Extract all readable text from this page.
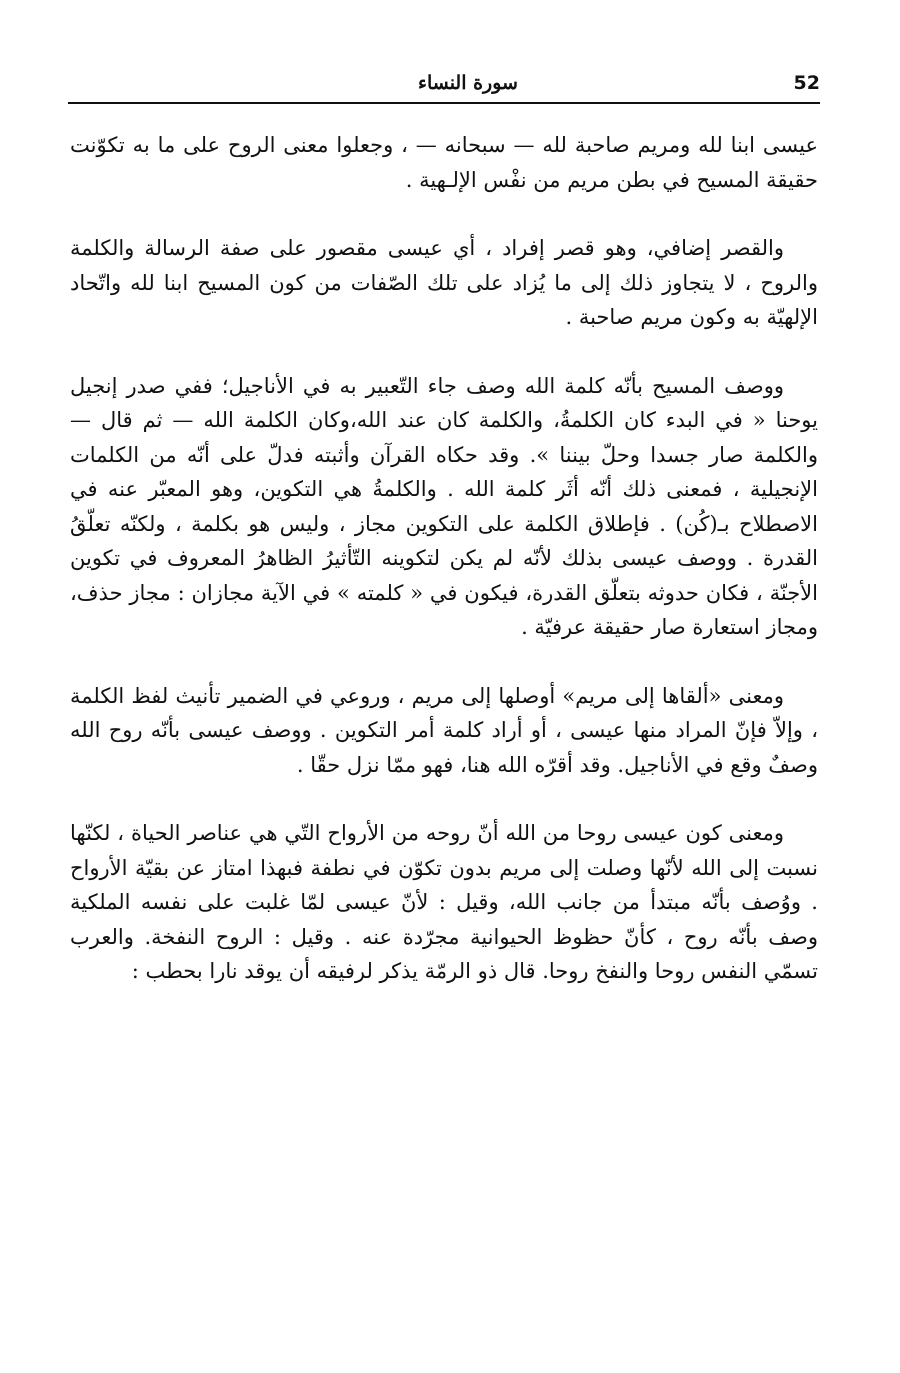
52
سورة النساء

عيسى ابنا لله ومريم صاحبة لله — سبحانه — ، وجعلوا معنى الروح على ما به تكوّنت حقيقة المسيح في بطن مريم من نفْس الإلـهية .

والقصر إضافي، وهو قصر إفراد ، أي عيسى مقصور على صفة الرسالة والكلمة والروح ، لا يتجاوز ذلك إلى ما يُزاد على تلك الصّفات من كون المسيح ابنا لله واتّحاد الإلهيّة به وكون مريم صاحبة .

ووصف المسيح بأنّه كلمة الله وصف جاء التّعبير به في الأناجيل؛ ففي صدر إنجيل يوحنا « في البدء كان الكلمةُ، والكلمة كان عند الله،وكان الكلمة الله — ثم قال — والكلمة صار جسدا وحلّ بيننا ». وقد حكاه القرآن وأثبته فدلّ على أنّه من الكلمات الإنجيلية ، فمعنى ذلك أنّه أثَر كلمة الله . والكلمةُ هي التكوين، وهو المعبّر عنه في الاصطلاح بـ(كُن) . فإطلاق الكلمة على التكوين مجاز ، وليس هو بكلمة ، ولكنّه تعلّقُ القدرة . ووصف عيسى بذلك لأنّه لم يكن لتكوينه التّأثيرُ الظاهرُ المعروف في تكوين الأجنّة ، فكان حدوثه بتعلّق القدرة، فيكون في « كلمته » في الآية مجازان : مجاز حذف، ومجاز استعارة صار حقيقة عرفيّة .

ومعنى «ألقاها إلى مريم» أوصلها إلى مريم ، وروعي في الضمير تأنيث لفظ الكلمة ، وإلاّ فإنّ المراد منها عيسى ، أو أراد كلمة أمر التكوين . ووصف عيسى بأنّه روح الله وصفٌ وقع في الأناجيل. وقد أقرّه الله هنا، فهو ممّا نزل حقّا .

ومعنى كون عيسى روحا من الله أنّ روحه من الأرواح التّي هي عناصر الحياة ، لكنّها نسبت إلى الله لأنّها وصلت إلى مريم بدون تكوّن في نطفة فبهذا امتاز عن بقيّة الأرواح . ووُصف بأنّه مبتدأ من جانب الله، وقيل : لأنّ عيسى لمّا غلبت على نفسه الملكية وصف بأنّه روح ، كأنّ حظوظ الحيوانية مجرّدة عنه . وقيل : الروح النفخة. والعرب تسمّي النفس روحا والنفخ روحا. قال ذو الرمّة يذكر لرفيقه أن يوقد نارا بحطب :
